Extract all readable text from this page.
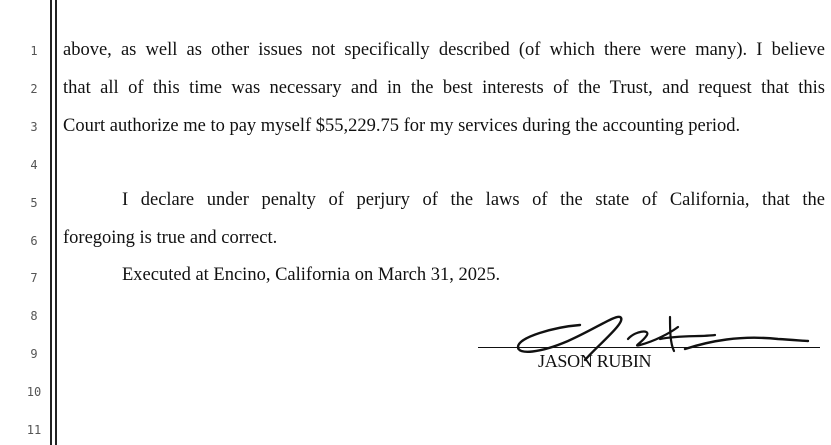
1
2
3
4
5
6
7
8
9
10
11
above, as well as other issues not specifically described (of which there were many). I believe
that all of this time was necessary and in the best interests of the Trust, and request that this
Court authorize me to pay myself $55,229.75 for my services during the accounting period.
I declare under penalty of perjury of the laws of the state of California, that the
foregoing is true and correct.
Executed at Encino, California on March 31, 2025.
JASON RUBIN
